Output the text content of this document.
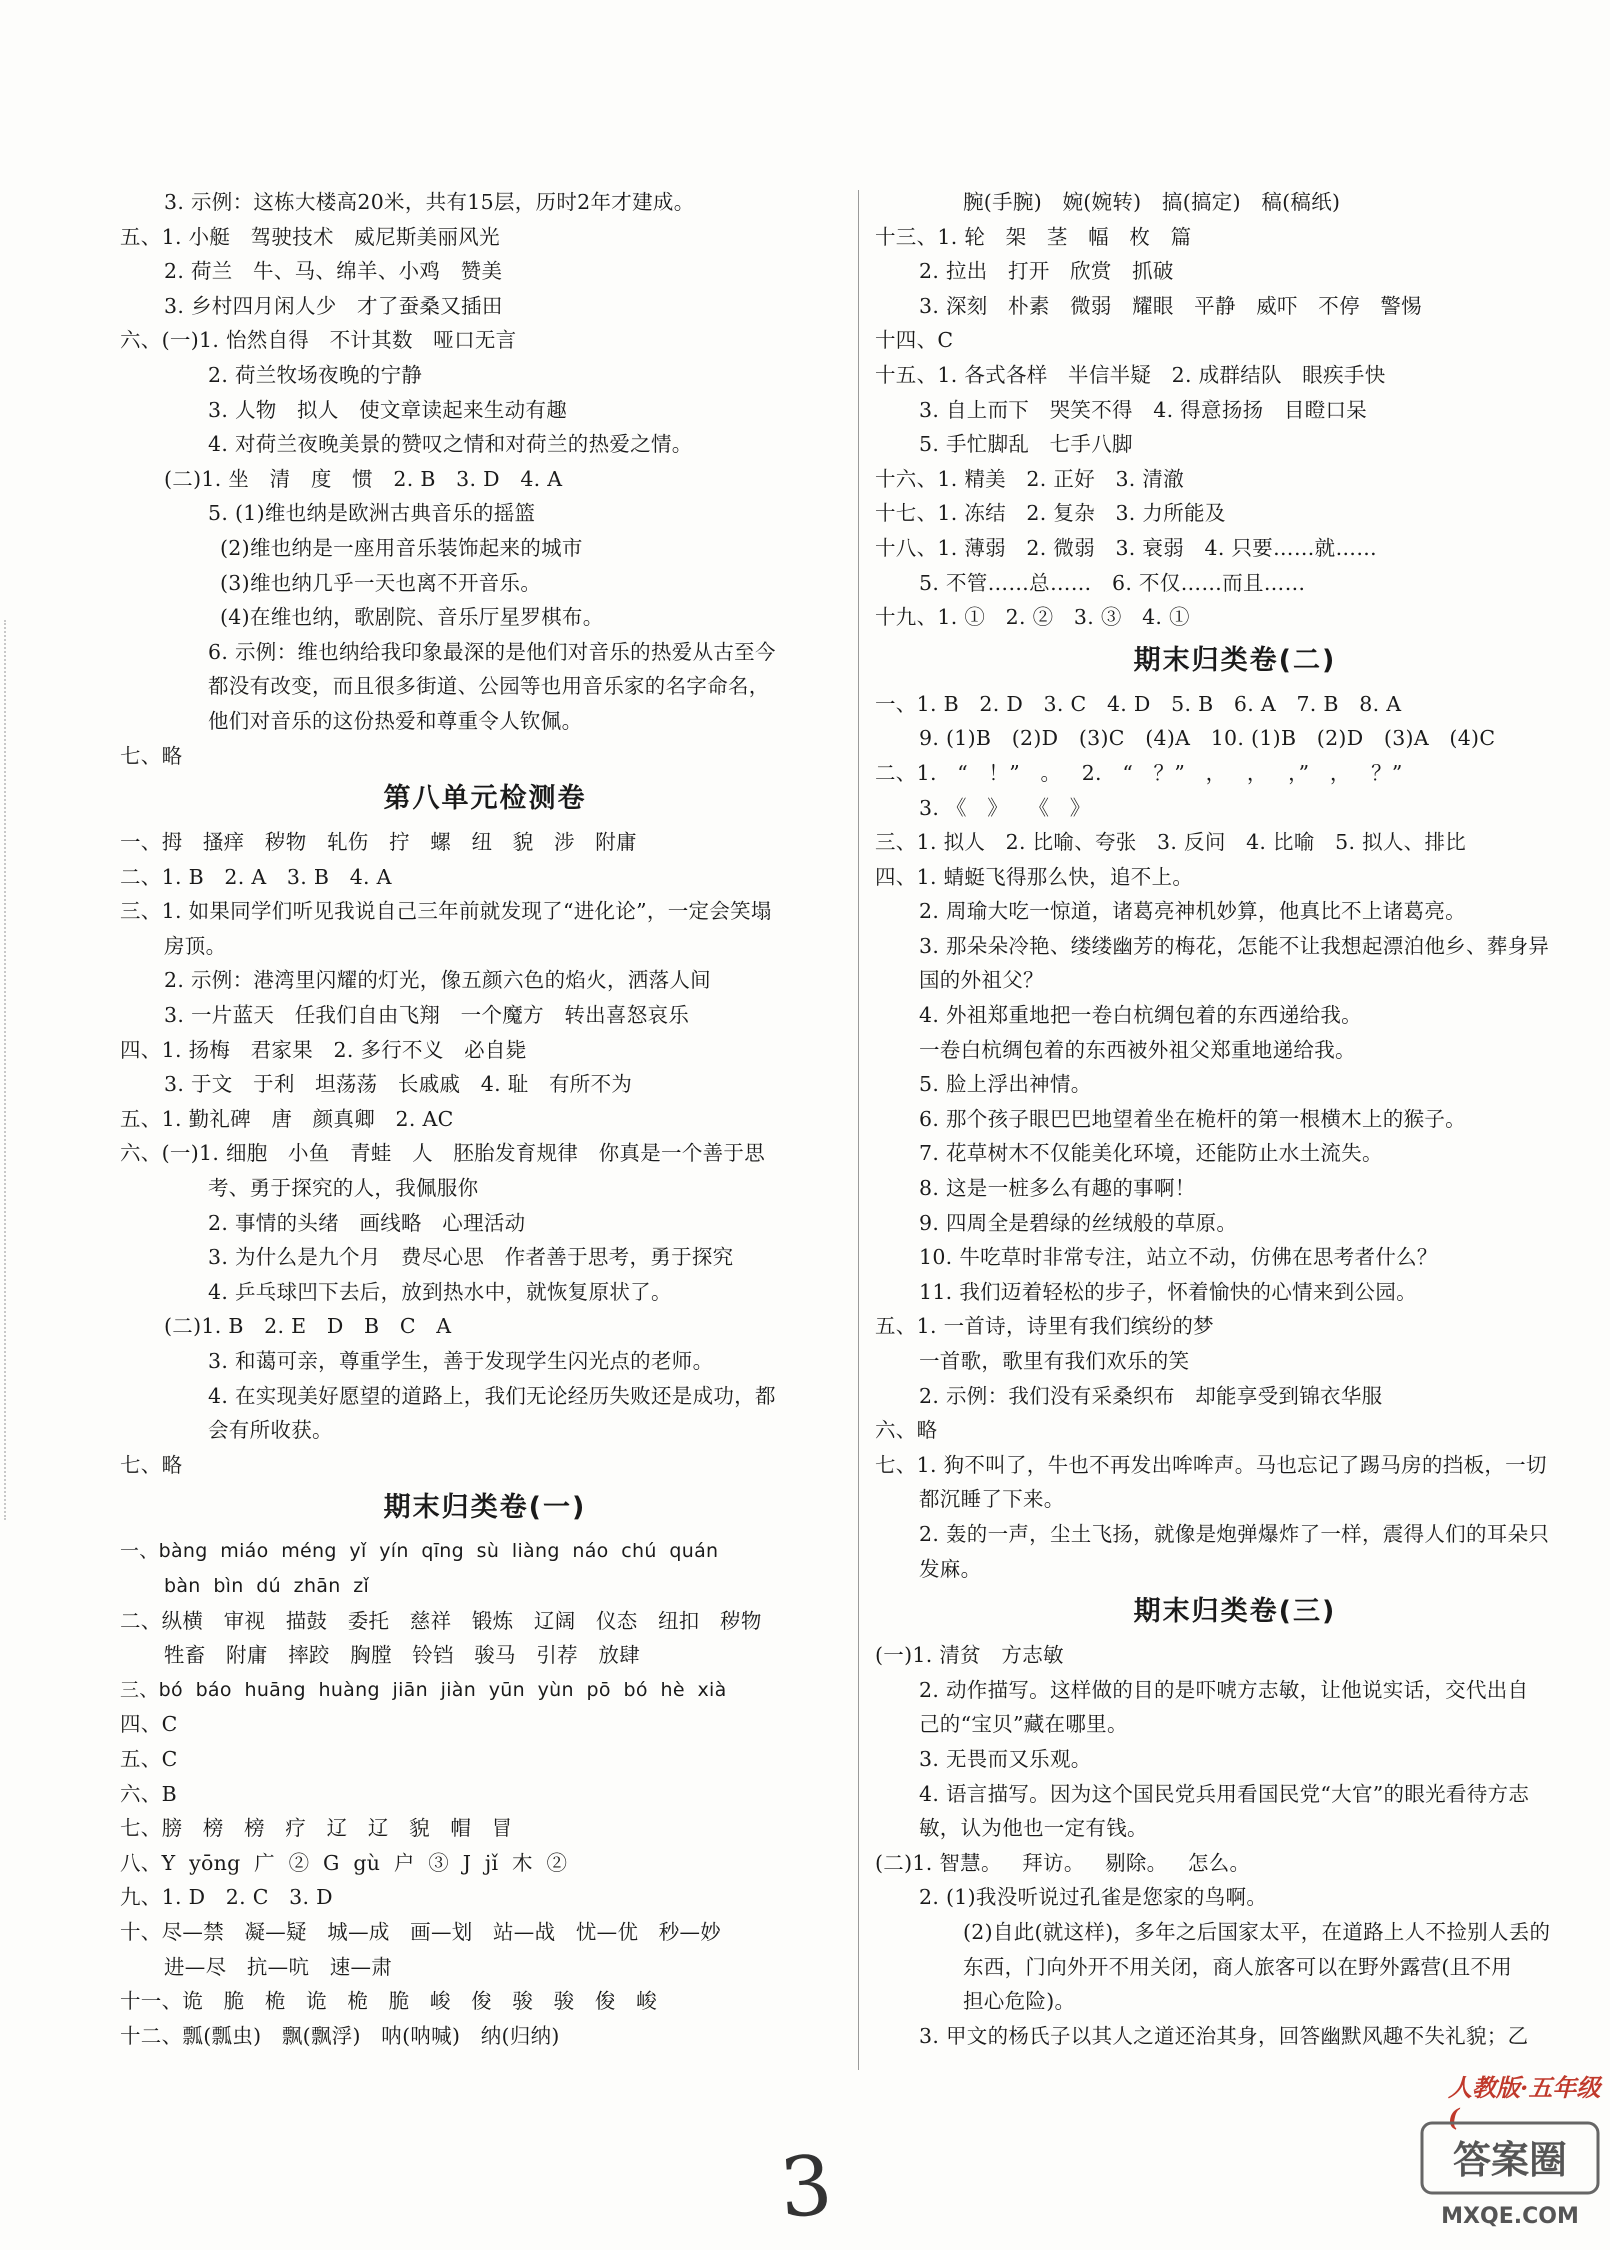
3. 示例：这栋大楼高20米，共有15层，历时2年才建成。
五、1. 小艇   驾驶技术   威尼斯美丽风光
2. 荷兰   牛、马、绵羊、小鸡   赞美
3. 乡村四月闲人少   才了蚕桑又插田
六、(一)1. 怡然自得   不计其数   哑口无言
2. 荷兰牧场夜晚的宁静
3. 人物   拟人   使文章读起来生动有趣
4. 对荷兰夜晚美景的赞叹之情和对荷兰的热爱之情。
(二)1. 坐   清   度   惯   2. B   3. D   4. A
5. (1)维也纳是欧洲古典音乐的摇篮
(2)维也纳是一座用音乐装饰起来的城市
(3)维也纳几乎一天也离不开音乐。
(4)在维也纳，歌剧院、音乐厅星罗棋布。
6. 示例：维也纳给我印象最深的是他们对音乐的热爱从古至今
都没有改变，而且很多街道、公园等也用音乐家的名字命名，
他们对音乐的这份热爱和尊重令人钦佩。
七、略
第八单元检测卷
一、拇   搔痒   秽物   轧伤   拧   螺   纽   貌   涉   附庸
二、1. B   2. A   3. B   4. A
三、1. 如果同学们听见我说自己三年前就发现了“进化论”，一定会笑塌
房顶。
2. 示例：港湾里闪耀的灯光，像五颜六色的焰火，洒落人间
3. 一片蓝天   任我们自由飞翔   一个魔方   转出喜怒哀乐
四、1. 扬梅   君家果   2. 多行不义   必自毙
3. 于文   于利   坦荡荡   长戚戚   4. 耻   有所不为
五、1. 勤礼碑   唐   颜真卿   2. AC
六、(一)1. 细胞   小鱼   青蛙   人   胚胎发育规律   你真是一个善于思
考、勇于探究的人，我佩服你
2. 事情的头绪   画线略   心理活动
3. 为什么是九个月   费尽心思   作者善于思考，勇于探究
4. 乒乓球凹下去后，放到热水中，就恢复原状了。
(二)1. B   2. E   D   B   C   A
3. 和蔼可亲，尊重学生，善于发现学生闪光点的老师。
4. 在实现美好愿望的道路上，我们无论经历失败还是成功，都
会有所收获。
七、略
期末归类卷(一)
一、bàng  miáo  méng  yǐ  yín  qīng  sù  liàng  náo  chú  quán
bàn  bìn  dú  zhān  zǐ
二、纵横   审视   描鼓   委托   慈祥   锻炼   辽阔   仪态   纽扣   秽物
牲畜   附庸   摔跤   胸膛   铃铛   骏马   引荐   放肆
三、bó  báo  huāng  huàng  jiān  jiàn  yūn  yùn  pō  bó  hè  xià
四、C
五、C
六、B
七、膀   榜   榜   疗   辽   辽   貌   帽   冒
八、Y  yōng  广  ②  G  gù  户  ③  J  jǐ  木  ②
九、1. D   2. C   3. D
十、尽—禁   凝—疑   城—成   画—划   站—战   忧—优   秒—妙
进—尽   抗—吭   速—肃
十一、诡   脆   桅   诡   桅   脆   峻   俊   骏   骏   俊   峻
十二、瓢(瓢虫)   飘(飘浮)   呐(呐喊)   纳(归纳)
腕(手腕)   婉(婉转)   搞(搞定)   稿(稿纸)
十三、1. 轮   架   茎   幅   枚   篇
2. 拉出   打开   欣赏   抓破
3. 深刻   朴素   微弱   耀眼   平静   威吓   不停   警惕
十四、C
十五、1. 各式各样   半信半疑   2. 成群结队   眼疾手快
3. 自上而下   哭笑不得   4. 得意扬扬   目瞪口呆
5. 手忙脚乱   七手八脚
十六、1. 精美   2. 正好   3. 清澈
十七、1. 冻结   2. 复杂   3. 力所能及
十八、1. 薄弱   2. 微弱   3. 衰弱   4. 只要……就……
5. 不管……总……   6. 不仅……而且……
十九、1. ①   2. ②   3. ③   4. ①
期末归类卷(二)
一、1. B   2. D   3. C   4. D   5. B   6. A   7. B   8. A
9. (1)B   (2)D   (3)C   (4)A   10. (1)B   (2)D   (3)A   (4)C
二、1.   “   ！”   。   2.   “   ？”   ，   ，   ，”   ，   ？”
3. 《   》   《   》
三、1. 拟人   2. 比喻、夸张   3. 反问   4. 比喻   5. 拟人、排比
四、1. 蜻蜓飞得那么快，追不上。
2. 周瑜大吃一惊道，诸葛亮神机妙算，他真比不上诸葛亮。
3. 那朵朵冷艳、缕缕幽芳的梅花，怎能不让我想起漂泊他乡、葬身异
国的外祖父？
4. 外祖郑重地把一卷白杭绸包着的东西递给我。
一卷白杭绸包着的东西被外祖父郑重地递给我。
5. 脸上浮出神情。
6. 那个孩子眼巴巴地望着坐在桅杆的第一根横木上的猴子。
7. 花草树木不仅能美化环境，还能防止水土流失。
8. 这是一桩多么有趣的事啊！
9. 四周全是碧绿的丝绒般的草原。
10. 牛吃草时非常专注，站立不动，仿佛在思考者什么？
11. 我们迈着轻松的步子，怀着愉快的心情来到公园。
五、1. 一首诗，诗里有我们缤纷的梦
一首歌，歌里有我们欢乐的笑
2. 示例：我们没有采桑织布   却能享受到锦衣华服
六、略
七、1. 狗不叫了，牛也不再发出哞哞声。马也忘记了踢马房的挡板，一切
都沉睡了下来。
2. 轰的一声，尘土飞扬，就像是炮弹爆炸了一样，震得人们的耳朵只
发麻。
期末归类卷(三)
(一)1. 清贫   方志敏
2. 动作描写。这样做的目的是吓唬方志敏，让他说实话，交代出自
己的“宝贝”藏在哪里。
3. 无畏而又乐观。
4. 语言描写。因为这个国民党兵用看国民党“大官”的眼光看待方志
敏，认为他也一定有钱。
(二)1. 智慧。   拜访。   剔除。   怎么。
2. (1)我没听说过孔雀是您家的鸟啊。
(2)自此(就这样)，多年之后国家太平，在道路上人不捡别人丢的
东西，门向外开不用关闭，商人旅客可以在野外露营(且不用
担心危险)。
3. 甲文的杨氏子以其人之道还治其身，回答幽默风趣不失礼貌；乙
人教版·五年级(
3	答案圈
MXQE.COM
